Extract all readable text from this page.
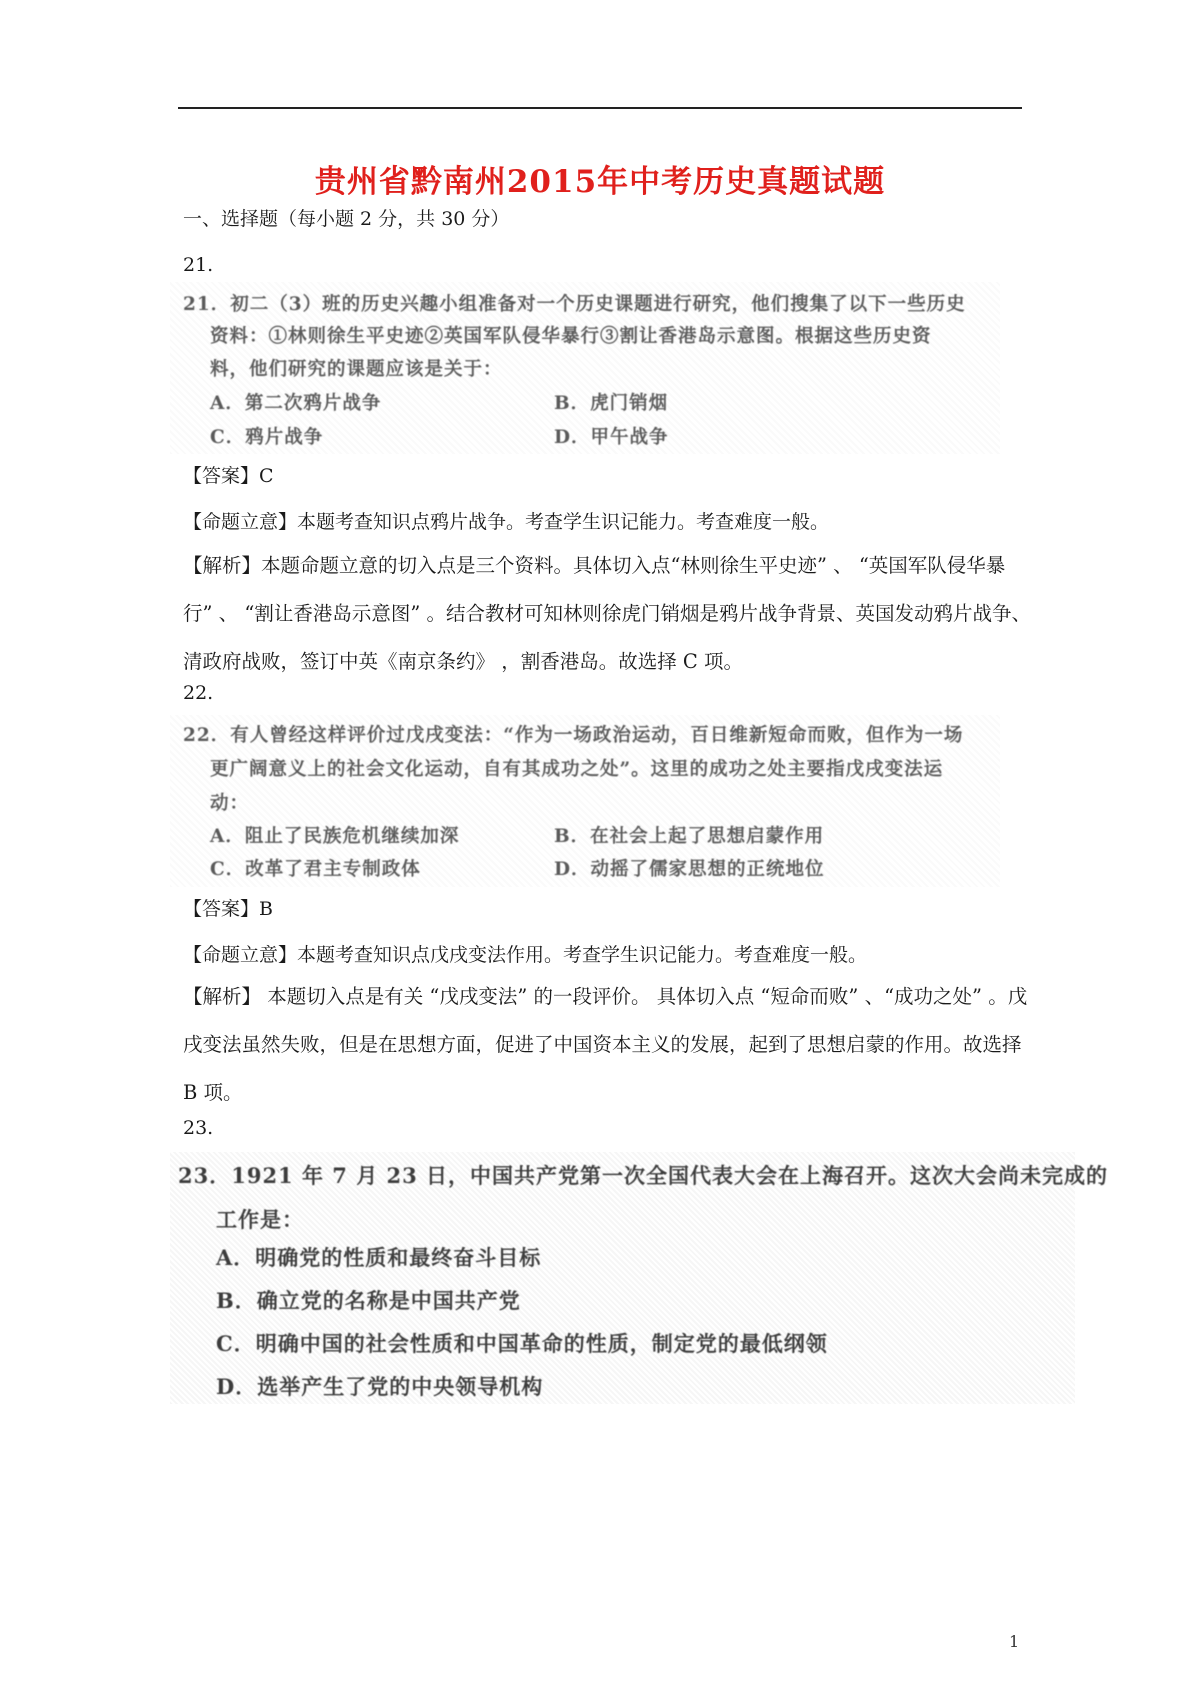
贵州省黔南州2015年中考历史真题试题
一、选择题（每小题 2 分，共 30 分）
21.
21．初二（3）班的历史兴趣小组准备对一个历史课题进行研究，他们搜集了以下一些历史
资料：①林则徐生平史迹②英国军队侵华暴行③割让香港岛示意图。根据这些历史资
料，他们研究的课题应该是关于：
A．第二次鸦片战争	B．虎门销烟
C．鸦片战争	D．甲午战争
【答案】C
【命题立意】本题考查知识点鸦片战争。考查学生识记能力。考查难度一般。
【解析】本题命题立意的切入点是三个资料。具体切入点“林则徐生平史迹” 、 “英国军队侵华暴行” 、 “割让香港岛示意图” 。结合教材可知林则徐虎门销烟是鸦片战争背景、英国发动鸦片战争、清政府战败，签订中英《南京条约》 ，割香港岛。故选择 C 项。
22.
22．有人曾经这样评价过戊戌变法：“作为一场政治运动，百日维新短命而败，但作为一场
更广阔意义上的社会文化运动，自有其成功之处”。这里的成功之处主要指戊戌变法运
动：
A．阻止了民族危机继续加深	B．在社会上起了思想启蒙作用
C．改革了君主专制政体	D．动摇了儒家思想的正统地位
【答案】B
【命题立意】本题考查知识点戊戌变法作用。考查学生识记能力。考查难度一般。
【解析】 本题切入点是有关 “戊戌变法” 的一段评价。 具体切入点 “短命而败” 、“成功之处” 。戊戌变法虽然失败，但是在思想方面，促进了中国资本主义的发展，起到了思想启蒙的作用。故选择 B 项。
23.
23．1921 年 7 月 23 日，中国共产党第一次全国代表大会在上海召开。这次大会尚未完成的
工作是：
A．明确党的性质和最终奋斗目标
B．确立党的名称是中国共产党
C．明确中国的社会性质和中国革命的性质，制定党的最低纲领
D．选举产生了党的中央领导机构
1
